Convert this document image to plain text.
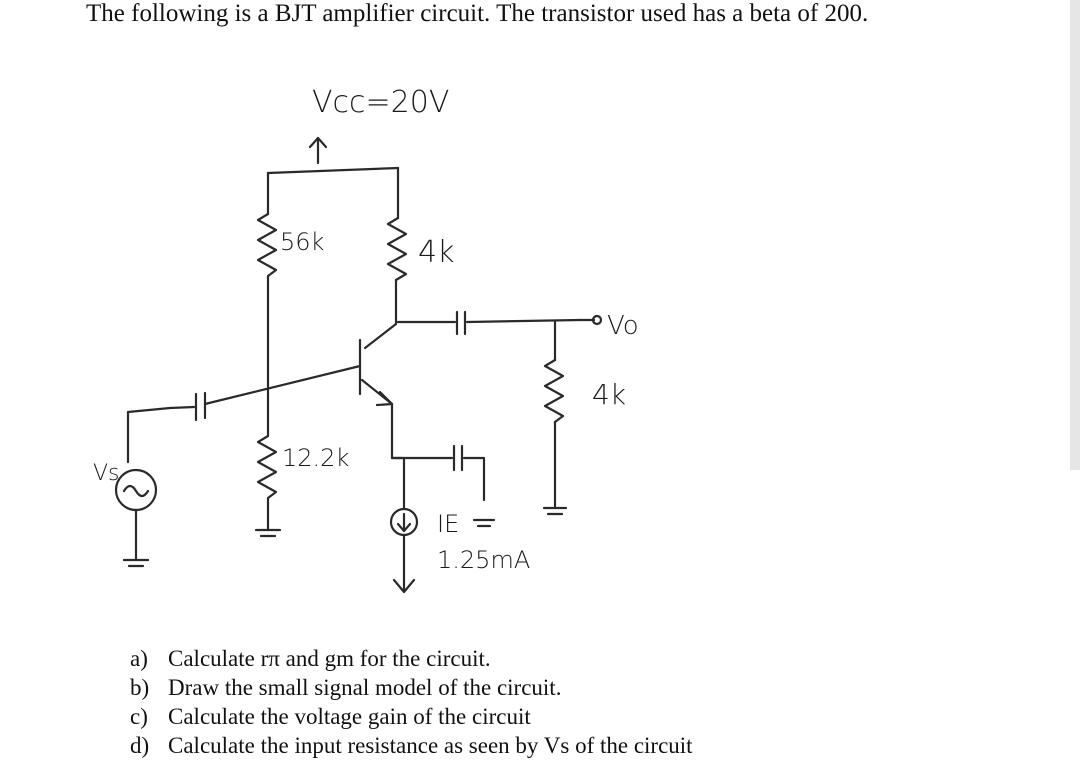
The following is a BJT amplifier circuit. The transistor used has a beta of 200.
Vcc=20V
56k	4k
Vo
4k
Vs
12.2k
IE
1.25mA
a) Calculate rπ and gm for the circuit.
b) Draw the small signal model of the circuit.
c) Calculate the voltage gain of the circuit
d) Calculate the input resistance as seen by Vs of the circuit
